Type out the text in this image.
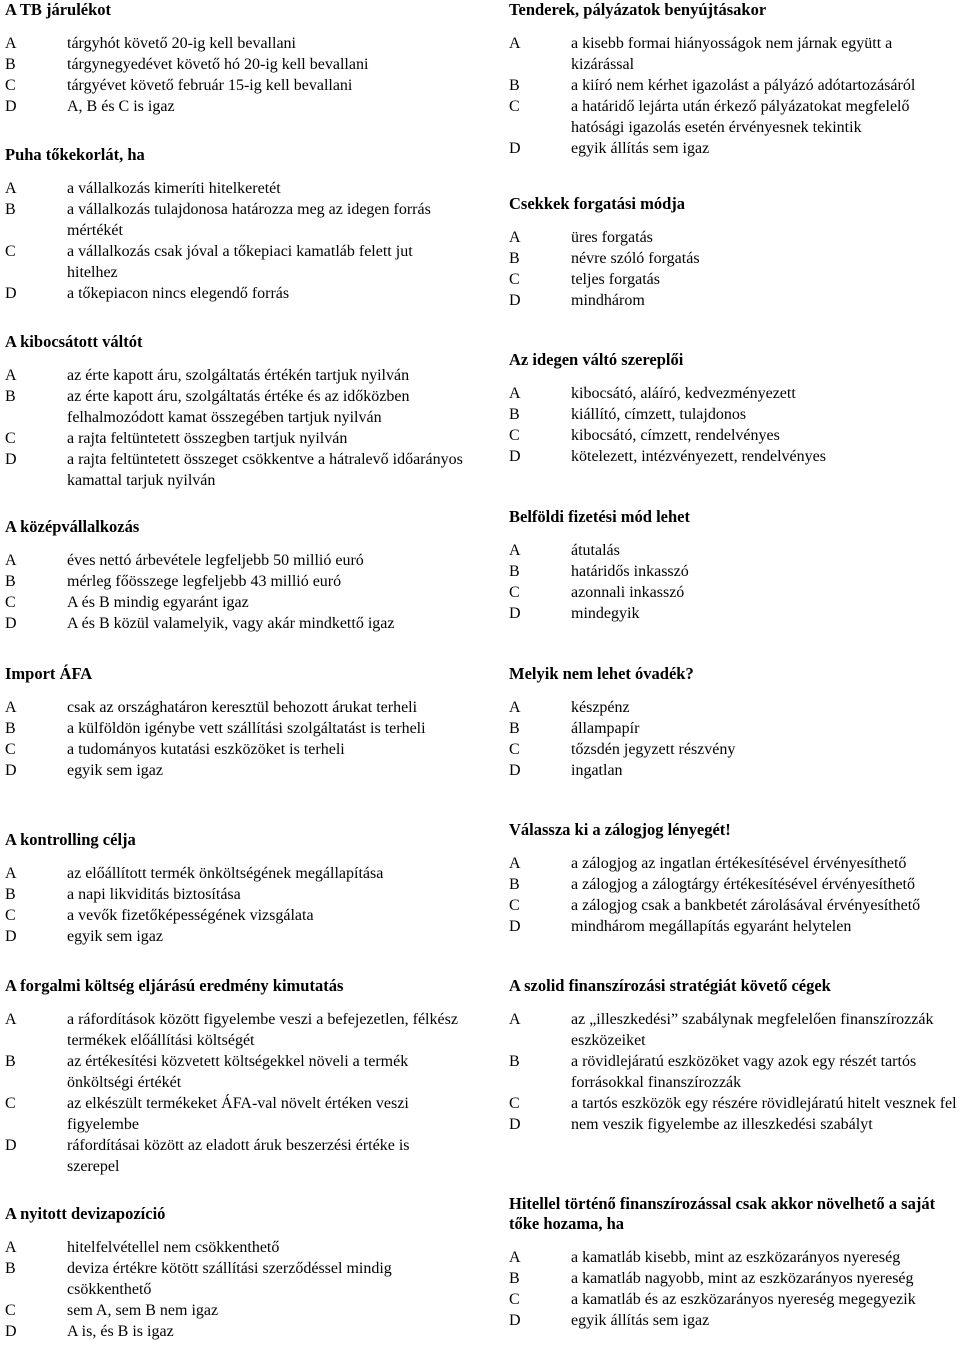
A TB járulékot
A	tárgyhót követő 20-ig kell bevallani
B	tárgynegyedévet követő hó 20-ig kell bevallani
C	tárgyévet követő február 15-ig kell bevallani
D	A, B és C is igaz
Puha tőkekorlát, ha
A	a vállalkozás kimeríti hitelkeretét
B	a vállalkozás tulajdonosa határozza meg az idegen forrás mértékét
C	a vállalkozás csak jóval a tőkepiaci kamatláb felett jut hitelhez
D	a tőkepiacon nincs elegendő forrás
A kibocsátott váltót
A	az érte kapott áru, szolgáltatás értékén tartjuk nyilván
B	az érte kapott áru, szolgáltatás értéke és az időközben felhalmozódott kamat összegében tartjuk nyilván
C	a rajta feltüntetett összegben tartjuk nyilván
D	a rajta feltüntetett összeget csökkentve a hátralevő időarányos kamattal tarjuk nyilván
A középvállalkozás
A	éves nettó árbevétele legfeljebb 50 millió euró
B	mérleg főösszege legfeljebb 43 millió euró
C	A és B mindig egyaránt igaz
D	A és B közül valamelyik, vagy akár mindkettő igaz
Import ÁFA
A	csak az országhatáron keresztül behozott árukat terheli
B	a külföldön igénybe vett szállítási szolgáltatást is terheli
C	a tudományos kutatási eszközöket is terheli
D	egyik sem igaz
A kontrolling célja
A	az előállított termék önköltségének megállapítása
B	a napi likviditás biztosítása
C	a vevők fizetőképességének vizsgálata
D	egyik sem igaz
A forgalmi költség eljárású eredmény kimutatás
A	a ráfordítások között figyelembe veszi a befejezetlen, félkész termékek előállítási költségét
B	az értékesítési közvetett költségekkel növeli a termék önköltségi értékét
C	az elkészült termékeket ÁFA-val növelt értéken veszi figyelembe
D	ráfordításai között az eladott áruk beszerzési értéke is szerepel
A nyitott devizapozíció
A	hitelfelvétellel nem csökkenthető
B	deviza értékre kötött szállítási szerződéssel mindig csökkenthető
C	sem A, sem B nem igaz
D	A is, és B is igaz
Tenderek, pályázatok benyújtásakor
A	a kisebb formai hiányosságok nem járnak együtt a kizárással
B	a kiíró nem kérhet igazolást a pályázó adótartozásáról
C	a határidő lejárta után érkező pályázatokat megfelelő hatósági igazolás esetén érvényesnek tekintik
D	egyik állítás sem igaz
Csekkek forgatási módja
A	üres forgatás
B	névre szóló forgatás
C	teljes forgatás
D	mindhárom
Az idegen váltó szereplői
A	kibocsátó, aláíró, kedvezményezett
B	kiállító, címzett, tulajdonos
C	kibocsátó, címzett, rendelvényes
D	kötelezett, intézvényezett, rendelvényes
Belföldi fizetési mód lehet
A	átutalás
B	határidős inkasszó
C	azonnali inkasszó
D	mindegyik
Melyik nem lehet óvadék?
A	készpénz
B	állampapír
C	tőzsdén jegyzett részvény
D	ingatlan
Válassza ki a zálogjog lényegét!
A	a zálogjog az ingatlan értékesítésével érvényesíthető
B	a zálogjog a zálogtárgy értékesítésével érvényesíthető
C	a zálogjog csak a bankbetét zárolásával érvényesíthető
D	mindhárom megállapítás egyaránt helytelen
A szolid finanszírozási stratégiát követő cégek
A	az „illeszkedési” szabálynak megfelelően finanszírozzák eszközeiket
B	a rövidlejáratú eszközöket vagy azok egy részét tartós forrásokkal finanszírozzák
C	a tartós eszközök egy részére rövidlejáratú hitelt vesznek fel
D	nem veszik figyelembe az illeszkedési szabályt
Hitellel történő finanszírozással csak akkor növelhető a saját tőke hozama, ha
A	a kamatláb kisebb, mint az eszközarányos nyereség
B	a kamatláb nagyobb, mint az eszközarányos nyereség
C	a kamatláb és az eszközarányos nyereség megegyezik
D	egyik állítás sem igaz
